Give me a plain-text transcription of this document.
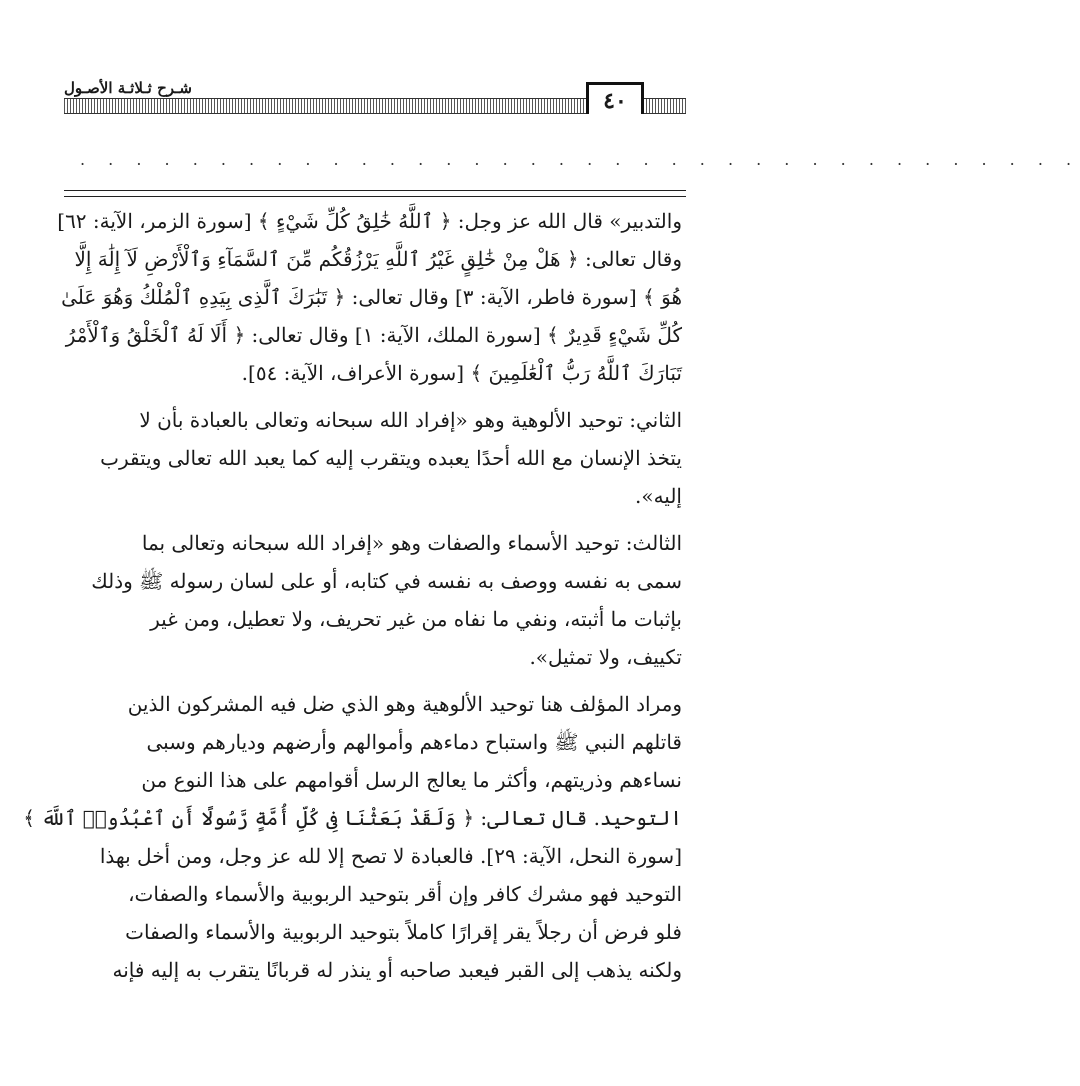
شـرح ثـلاثـة الأصـول	٤٠
. . . . . . . . . . . . . . . . . . . . . . . . . . . . . . . . . . . .
والتدبير» قال الله عز وجل: ﴿ ٱللَّهُ خَٰلِقُ كُلِّ شَيْءٍ ﴾ [سورة الزمر، الآية: ٦٢]
وقال تعالى: ﴿ هَلْ مِنْ خَٰلِقٍ غَيْرُ ٱللَّهِ يَرْزُقُكُم مِّنَ ٱلسَّمَآءِ وَٱلْأَرْضِ لَآ إِلَٰهَ إِلَّا
هُوَ ﴾ [سورة فاطر، الآية: ٣] وقال تعالى: ﴿ تَبَٰرَكَ ٱلَّذِى بِيَدِهِ ٱلْمُلْكُ وَهُوَ عَلَىٰ
كُلِّ شَيْءٍ قَدِيرٌ ﴾ [سورة الملك، الآية: ١] وقال تعالى: ﴿ أَلَا لَهُ ٱلْخَلْقُ وَٱلْأَمْرُ
تَبَارَكَ ٱللَّهُ رَبُّ ٱلْعَٰلَمِينَ ﴾ [سورة الأعراف، الآية: ٥٤].
الثاني: توحيد الألوهية وهو «إفراد الله سبحانه وتعالى بالعبادة بأن لا
يتخذ الإنسان مع الله أحدًا يعبده ويتقرب إليه كما يعبد الله تعالى ويتقرب
إليه».
الثالث: توحيد الأسماء والصفات وهو «إفراد الله سبحانه وتعالى بما
سمى به نفسه ووصف به نفسه في كتابه، أو على لسان رسوله ﷺ وذلك
بإثبات ما أثبته، ونفي ما نفاه من غير تحريف، ولا تعطيل، ومن غير
تكييف، ولا تمثيل».
ومراد المؤلف هنا توحيد الألوهية وهو الذي ضل فيه المشركون الذين
قاتلهم النبي ﷺ واستباح دماءهم وأموالهم وأرضهم وديارهم وسبى
نساءهم وذريتهم، وأكثر ما يعالج الرسل أقوامهم على هذا النوع من
التوحيد. قال تعالى: ﴿ وَلَقَدْ بَعَثْنَا فِى كُلِّ أُمَّةٍ رَّسُولًا أَنِ ٱعْبُدُوا۟ ٱللَّهَ ﴾
[سورة النحل، الآية: ٢٩]. فالعبادة لا تصح إلا لله عز وجل، ومن أخل بهذا
التوحيد فهو مشرك كافر وإن أقر بتوحيد الربوبية والأسماء والصفات،
فلو فرض أن رجلاً يقر إقرارًا كاملاً بتوحيد الربوبية والأسماء والصفات
ولكنه يذهب إلى القبر فيعبد صاحبه أو ينذر له قربانًا يتقرب به إليه فإنه
